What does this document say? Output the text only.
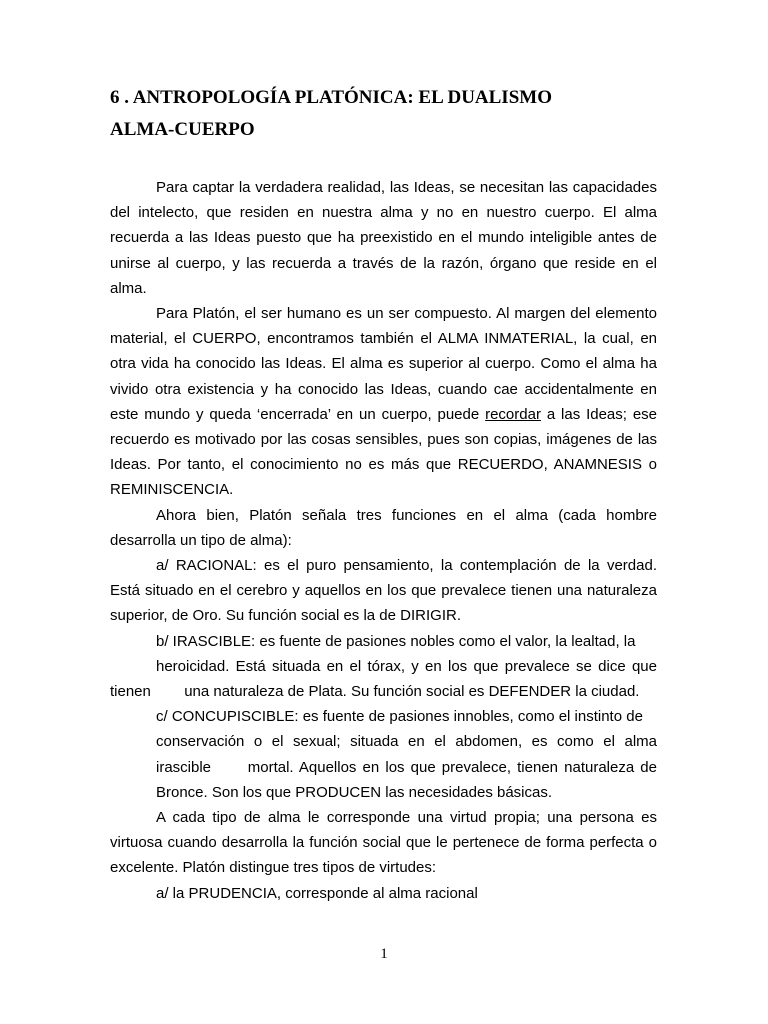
6 . ANTROPOLOGÍA PLATÓNICA: EL DUALISMO
ALMA-CUERPO

Para captar la verdadera realidad, las Ideas, se necesitan las capacidades del intelecto, que residen en nuestra alma y no en nuestro cuerpo. El alma recuerda a las Ideas puesto que ha preexistido en el mundo inteligible antes de unirse al cuerpo, y las recuerda a través de la razón, órgano que reside en el alma.

Para Platón, el ser humano es un ser compuesto. Al margen del elemento material, el CUERPO, encontramos también el ALMA INMATERIAL, la cual, en otra vida ha conocido las Ideas. El alma es superior al cuerpo. Como el alma ha vivido otra existencia y ha conocido las Ideas, cuando cae accidentalmente en este mundo y queda ‘encerrada’ en un cuerpo, puede recordar a las Ideas; ese recuerdo es motivado por las cosas sensibles, pues son copias, imágenes de las Ideas. Por tanto, el conocimiento no es más que RECUERDO, ANAMNESIS o REMINISCENCIA.

Ahora bien, Platón señala tres funciones en el alma (cada hombre desarrolla un tipo de alma):

a/ RACIONAL: es el puro pensamiento, la contemplación de la verdad. Está situado en el cerebro y aquellos en los que prevalece tienen una naturaleza superior, de Oro. Su función social es la de DIRIGIR.

b/ IRASCIBLE: es fuente de pasiones nobles como el valor, la lealtad, la

heroicidad. Está situada en el tórax, y en los que prevalece se dice que

tienen        una naturaleza de Plata. Su función social es DEFENDER la ciudad.

c/ CONCUPISCIBLE: es fuente de pasiones innobles, como el instinto de

conservación o el sexual; situada en el abdomen, es como el alma

irascible      mortal. Aquellos en los que prevalece, tienen naturaleza de

Bronce. Son los que PRODUCEN las necesidades básicas.

A cada tipo de alma le corresponde una virtud propia; una persona es virtuosa cuando desarrolla la función social que le pertenece de forma perfecta o excelente. Platón distingue tres tipos de virtudes:

a/ la PRUDENCIA, corresponde al alma racional

1
